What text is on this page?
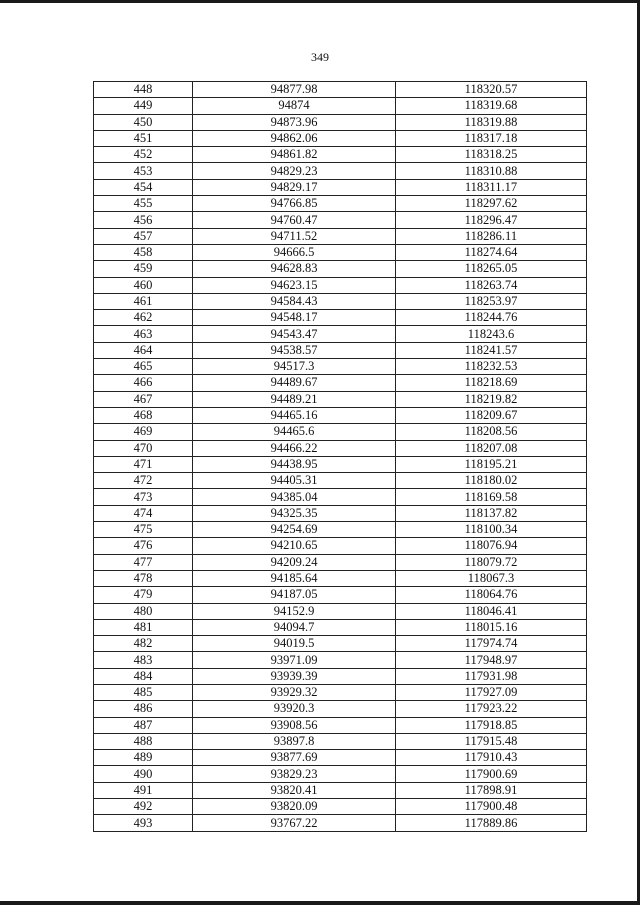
349
448	94877.98	118320.57
449	94874	118319.68
450	94873.96	118319.88
451	94862.06	118317.18
452	94861.82	118318.25
453	94829.23	118310.88
454	94829.17	118311.17
455	94766.85	118297.62
456	94760.47	118296.47
457	94711.52	118286.11
458	94666.5	118274.64
459	94628.83	118265.05
460	94623.15	118263.74
461	94584.43	118253.97
462	94548.17	118244.76
463	94543.47	118243.6
464	94538.57	118241.57
465	94517.3	118232.53
466	94489.67	118218.69
467	94489.21	118219.82
468	94465.16	118209.67
469	94465.6	118208.56
470	94466.22	118207.08
471	94438.95	118195.21
472	94405.31	118180.02
473	94385.04	118169.58
474	94325.35	118137.82
475	94254.69	118100.34
476	94210.65	118076.94
477	94209.24	118079.72
478	94185.64	118067.3
479	94187.05	118064.76
480	94152.9	118046.41
481	94094.7	118015.16
482	94019.5	117974.74
483	93971.09	117948.97
484	93939.39	117931.98
485	93929.32	117927.09
486	93920.3	117923.22
487	93908.56	117918.85
488	93897.8	117915.48
489	93877.69	117910.43
490	93829.23	117900.69
491	93820.41	117898.91
492	93820.09	117900.48
493	93767.22	117889.86
